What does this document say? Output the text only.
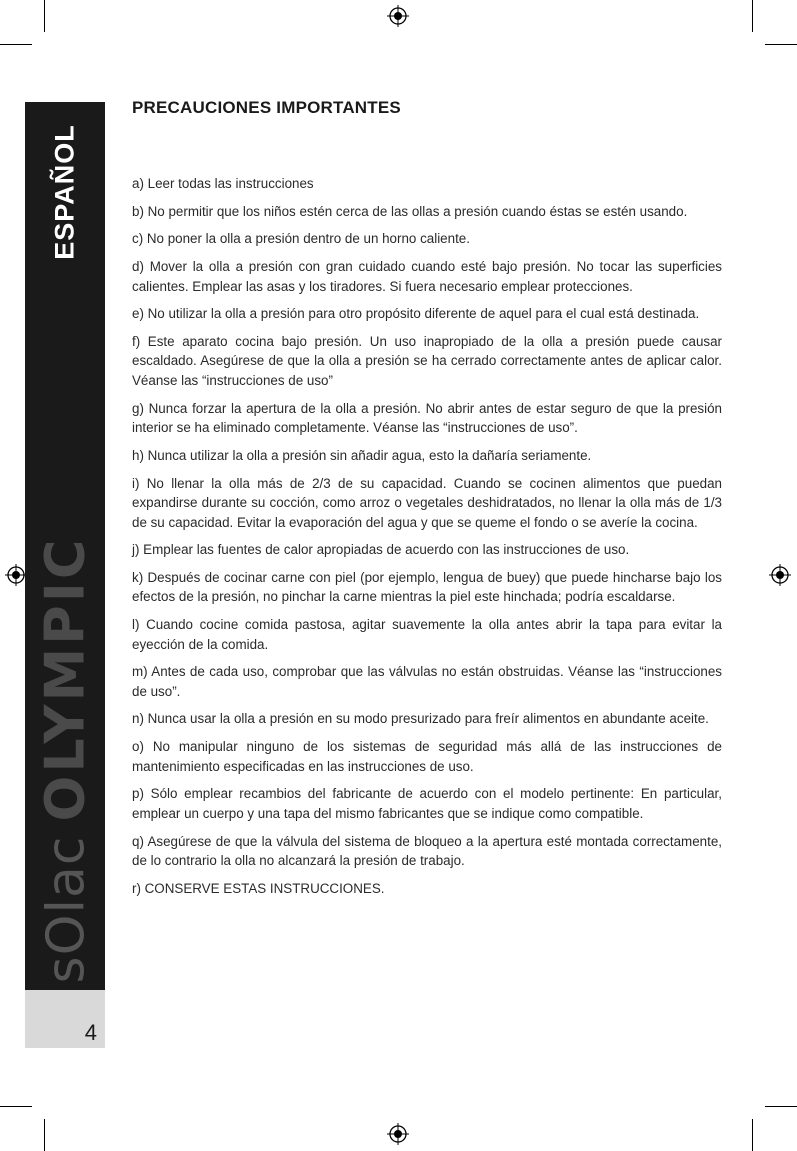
ESPAÑOL
sOlac
OLYMPIC
4
PRECAUCIONES IMPORTANTES

a) Leer todas las instrucciones

b) No permitir que los niños estén cerca de las ollas a presión cuando éstas se estén usando.

c) No poner la olla a presión dentro de un horno caliente.

d) Mover la olla a presión con gran cuidado cuando esté bajo presión. No tocar las superficies calientes. Emplear las asas y los tiradores. Si fuera necesario emplear protecciones.

e) No utilizar la olla a presión para otro propósito diferente de aquel para el cual está destinada.

f) Este aparato cocina bajo presión. Un uso inapropiado de la olla a presión puede causar escaldado. Asegúrese de que la olla a presión se ha cerrado correctamente antes de aplicar calor. Véanse las “instrucciones de uso”

g) Nunca forzar la apertura de la olla a presión. No abrir antes de estar seguro de que la presión interior se ha eliminado completamente. Véanse las “instrucciones de uso”.

h) Nunca utilizar la olla a presión sin añadir agua, esto la dañaría seriamente.

i) No llenar la olla más de 2/3 de su capacidad. Cuando se cocinen alimentos que puedan expandirse durante su cocción, como arroz o vegetales deshidratados, no llenar la olla más de 1/3 de su capacidad. Evitar la evaporación del agua y que se queme el fondo o se averíe la cocina.

j) Emplear las fuentes de calor apropiadas de acuerdo con las instrucciones de uso.

k) Después de cocinar carne con piel (por ejemplo, lengua de buey) que puede hincharse bajo los efectos de la presión, no pinchar la carne mientras la piel este hinchada; podría escaldarse.

l) Cuando cocine comida pastosa, agitar suavemente la olla antes abrir la tapa para evitar la eyección de la comida.

m) Antes de cada uso, comprobar que las válvulas no están obstruidas. Véanse las “instrucciones de uso”.

n) Nunca usar la olla a presión en su modo presurizado para freír alimentos en abundante aceite.

o) No manipular ninguno de los sistemas de seguridad más allá de las instrucciones de mantenimiento especificadas en las instrucciones de uso.

p) Sólo emplear recambios del fabricante de acuerdo con el modelo pertinente: En particular, emplear un cuerpo y una tapa del mismo fabricantes que se indique como compatible.

q) Asegúrese de que la válvula del sistema de bloqueo a la apertura esté montada correctamente, de lo contrario la olla no alcanzará la presión de trabajo.

r) CONSERVE ESTAS INSTRUCCIONES.
